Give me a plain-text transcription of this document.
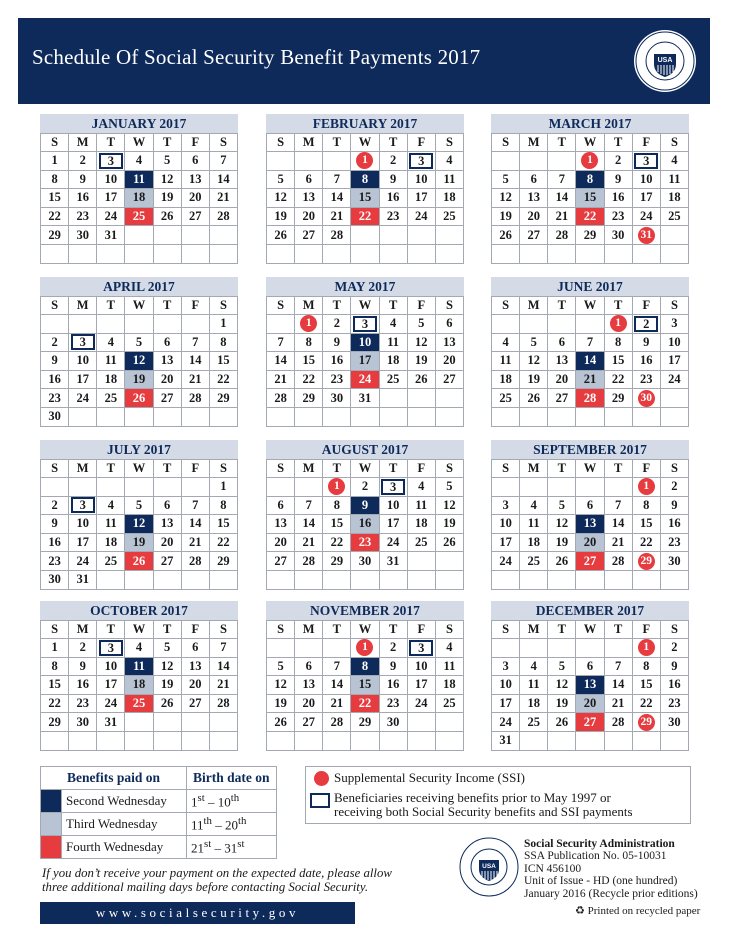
Schedule Of Social Security Benefit Payments 2017	USA
JANUARY 2017
S	M	T	W	T	F	S
1	2	3	4	5	6	7
8	9	10	11	12	13	14
15	16	17	18	19	20	21
22	23	24	25	26	27	28
29	30	31				

FEBRUARY 2017
S	M	T	W	T	F	S
			1	2	3	4
5	6	7	8	9	10	11
12	13	14	15	16	17	18
19	20	21	22	23	24	25
26	27	28				

MARCH 2017
S	M	T	W	T	F	S
			1	2	3	4
5	6	7	8	9	10	11
12	13	14	15	16	17	18
19	20	21	22	23	24	25
26	27	28	29	30	31	

APRIL 2017
S	M	T	W	T	F	S
						1
2	3	4	5	6	7	8
9	10	11	12	13	14	15
16	17	18	19	20	21	22
23	24	25	26	27	28	29
30						
MAY 2017
S	M	T	W	T	F	S
	1	2	3	4	5	6
7	8	9	10	11	12	13
14	15	16	17	18	19	20
21	22	23	24	25	26	27
28	29	30	31			

JUNE 2017
S	M	T	W	T	F	S
				1	2	3
4	5	6	7	8	9	10
11	12	13	14	15	16	17
18	19	20	21	22	23	24
25	26	27	28	29	30	

JULY 2017
S	M	T	W	T	F	S
						1
2	3	4	5	6	7	8
9	10	11	12	13	14	15
16	17	18	19	20	21	22
23	24	25	26	27	28	29
30	31					
AUGUST 2017
S	M	T	W	T	F	S
		1	2	3	4	5
6	7	8	9	10	11	12
13	14	15	16	17	18	19
20	21	22	23	24	25	26
27	28	29	30	31		

SEPTEMBER 2017
S	M	T	W	T	F	S
					1	2
3	4	5	6	7	8	9
10	11	12	13	14	15	16
17	18	19	20	21	22	23
24	25	26	27	28	29	30

OCTOBER 2017
S	M	T	W	T	F	S
1	2	3	4	5	6	7
8	9	10	11	12	13	14
15	16	17	18	19	20	21
22	23	24	25	26	27	28
29	30	31				

NOVEMBER 2017
S	M	T	W	T	F	S
			1	2	3	4
5	6	7	8	9	10	11
12	13	14	15	16	17	18
19	20	21	22	23	24	25
26	27	28	29	30		

DECEMBER 2017
S	M	T	W	T	F	S
					1	2
3	4	5	6	7	8	9
10	11	12	13	14	15	16
17	18	19	20	21	22	23
24	25	26	27	28	29	30
31						
Benefits paid on		Birth date on
	Second Wednesday	1st – 10th
	Third Wednesday	11th – 20th
	Fourth Wednesday	21st – 31st
Supplemental Security Income (SSI)
Beneficiaries receiving benefits prior to May 1997 or
receiving both Social Security benefits and SSI payments
If you don’t receive your payment on the expected date, please allow
three additional mailing days before contacting Social Security.
www.socialsecurity.gov
USA
Social Security Administration
SSA Publication No. 05-10031
ICN 456100
Unit of Issue - HD (one hundred)
January 2016 (Recycle prior editions)
♻ Printed on recycled paper
